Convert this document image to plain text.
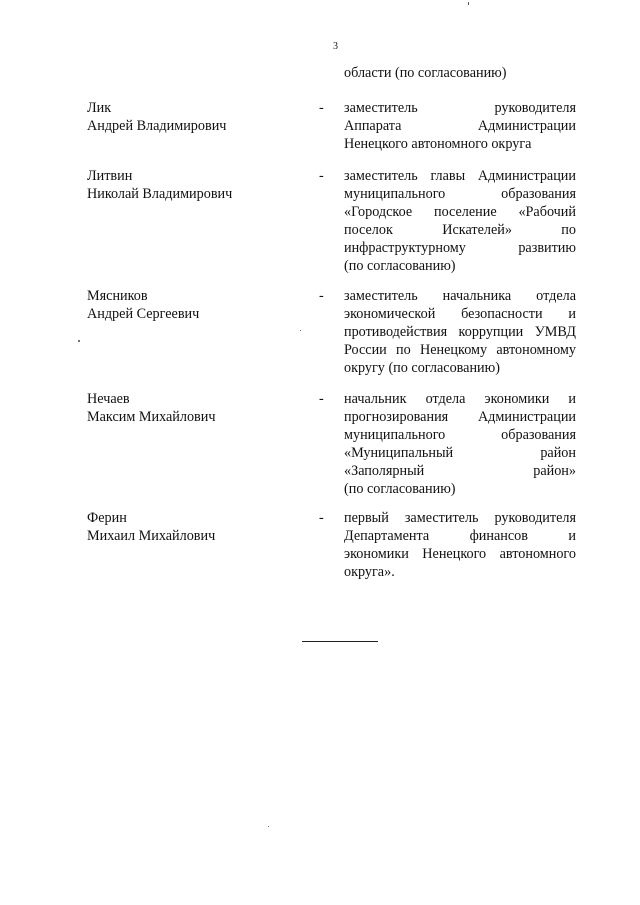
3
области (по согласованию)
Лик
Андрей Владимирович
- заместитель руководителя
Аппарата Администрации
Ненецкого автономного округа
Литвин
Николай Владимирович
- заместитель главы Администрации
муниципального образования
«Городское поселение «Рабочий
поселок Искателей» по
инфраструктурному развитию
(по согласованию)
Мясников
Андрей Сергеевич
- заместитель начальника отдела
экономической безопасности и
противодействия коррупции УМВД
России по Ненецкому автономному
округу (по согласованию)
Нечаев
Максим Михайлович
- начальник отдела экономики и
прогнозирования Администрации
муниципального образования
«Муниципальный район
«Заполярный район»
(по согласованию)
Ферин
Михаил Михайлович
- первый заместитель руководителя
Департамента финансов и
экономики Ненецкого автономного
округа».
